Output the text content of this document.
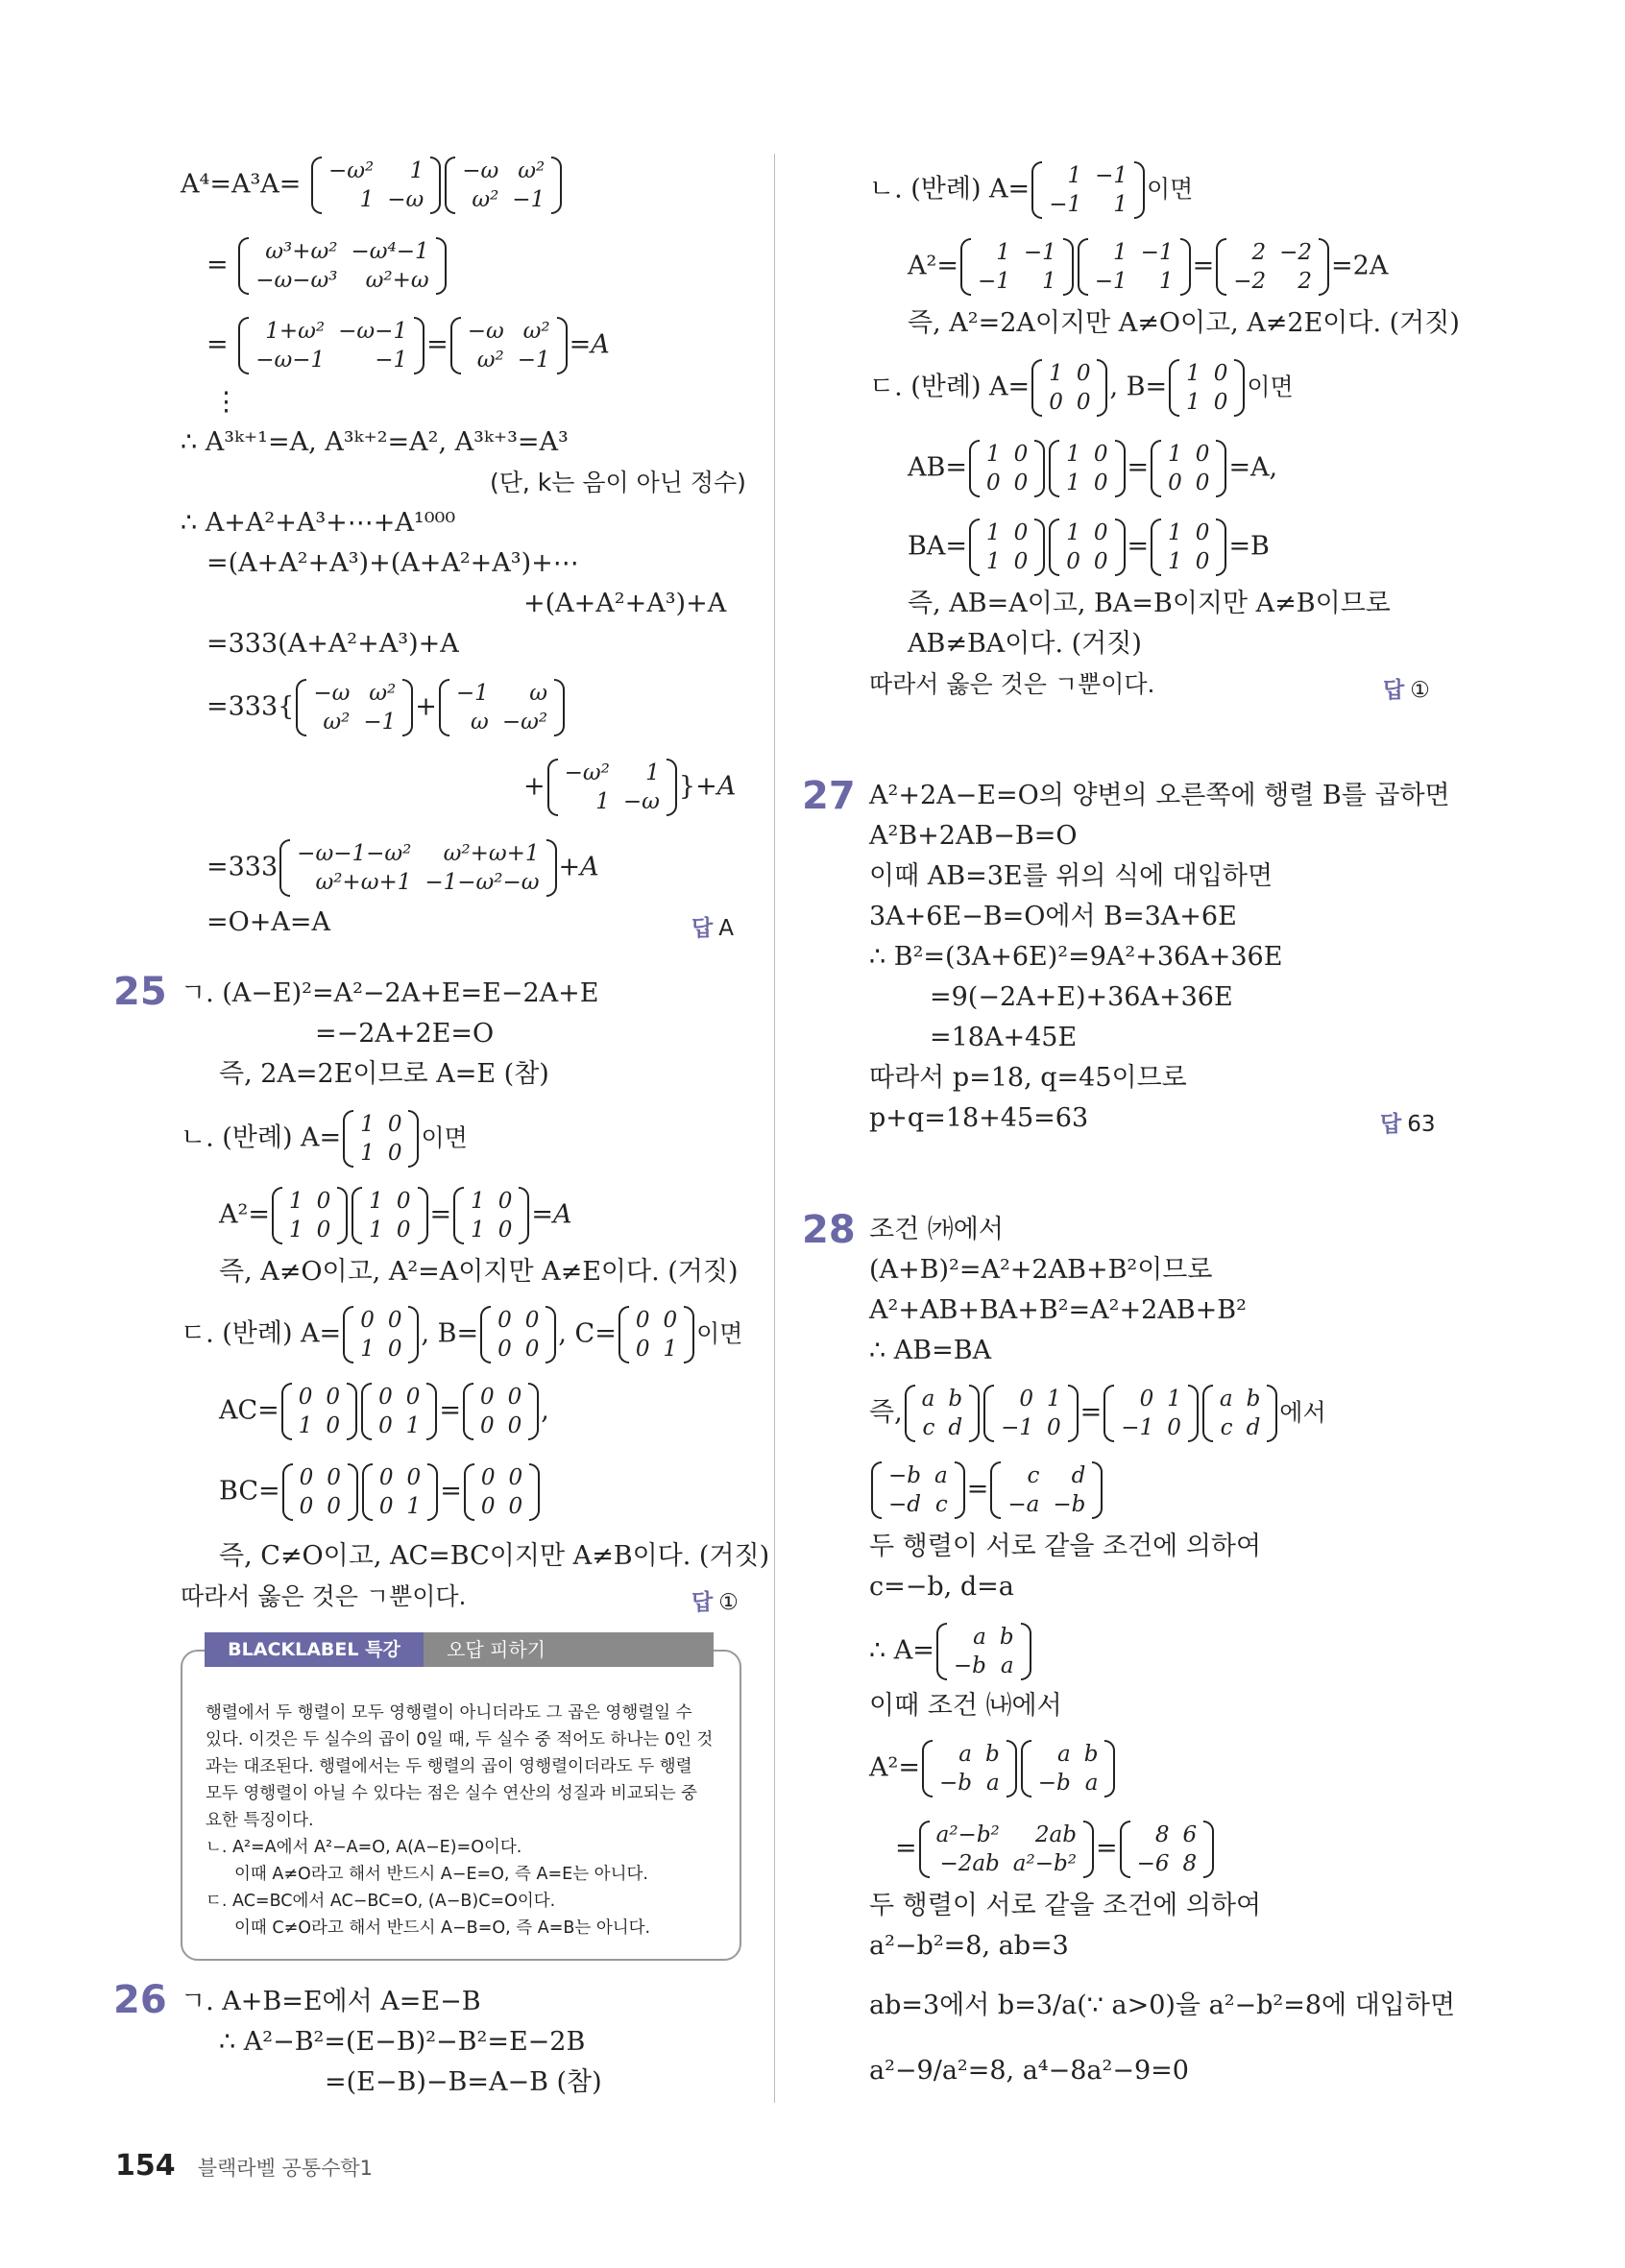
A⁴=A³A= −ω²	1
1	−ω
−ω	ω²
ω²	−1
= ω³+ω²	−ω⁴−1
−ω−ω³	ω²+ω
= 1+ω²	−ω−1
−ω−1	−1
= −ω	ω²
ω²	−1
=A
⋮
∴ A³ᵏ⁺¹=A, A³ᵏ⁺²=A², A³ᵏ⁺³=A³
(단, k는 음이 아닌 정수)
∴ A+A²+A³+⋯+A¹⁰⁰⁰
=(A+A²+A³)+(A+A²+A³)+⋯
+(A+A²+A³)+A
=333(A+A²+A³)+A
=333{ −ω	ω²
ω²	−1
+ −1	ω
ω	−ω²
+ −ω²	1
1	−ω
}+A
=333 −ω−1−ω²	ω²+ω+1
ω²+ω+1	−1−ω²−ω
+A
=O+A=A	답 A
25 ㄱ. (A−E)²=A²−2A+E=E−2A+E
=−2A+2E=O
즉, 2A=2E이므로 A=E (참)
ㄴ. (반례) A= 1	0
1	0
이면
A²= 1	0
1	0
1	0
1	0
= 1	0
1	0
=A
즉, A≠O이고, A²=A이지만 A≠E이다. (거짓)
ㄷ. (반례) A= 0	0
1	0
, B= 0	0
0	0
, C= 0	0
0	1
이면
AC= 0	0
1	0
0	0
0	1
= 0	0
0	0
,
BC= 0	0
0	0
0	0
0	1
= 0	0
0	0
즉, C≠O이고, AC=BC이지만 A≠B이다. (거짓)
따라서 옳은 것은 ㄱ뿐이다.	답 ①
BLACKLABEL 특강	오답 피하기
행렬에서 두 행렬이 모두 영행렬이 아니더라도 그 곱은 영행렬일 수
있다. 이것은 두 실수의 곱이 0일 때, 두 실수 중 적어도 하나는 0인 것
과는 대조된다. 행렬에서는 두 행렬의 곱이 영행렬이더라도 두 행렬
모두 영행렬이 아닐 수 있다는 점은 실수 연산의 성질과 비교되는 중
요한 특징이다.
ㄴ. A²=A에서 A²−A=O, A(A−E)=O이다.
이때 A≠O라고 해서 반드시 A−E=O, 즉 A=E는 아니다.
ㄷ. AC=BC에서 AC−BC=O, (A−B)C=O이다.
이때 C≠O라고 해서 반드시 A−B=O, 즉 A=B는 아니다.
26 ㄱ. A+B=E에서 A=E−B
∴ A²−B²=(E−B)²−B²=E−2B
=(E−B)−B=A−B (참)
ㄴ. (반례) A= 1	−1
−1	1
이면
A²= 1	−1
−1	1
1	−1
−1	1
= 2	−2
−2	2
=2A
즉, A²=2A이지만 A≠O이고, A≠2E이다. (거짓)
ㄷ. (반례) A= 1	0
0	0
, B= 1	0
1	0
이면
AB= 1	0
0	0
1	0
1	0
= 1	0
0	0
=A,
BA= 1	0
1	0
1	0
0	0
= 1	0
1	0
=B
즉, AB=A이고, BA=B이지만 A≠B이므로
AB≠BA이다. (거짓)
따라서 옳은 것은 ㄱ뿐이다.	답 ①
27 A²+2A−E=O의 양변의 오른쪽에 행렬 B를 곱하면
A²B+2AB−B=O
이때 AB=3E를 위의 식에 대입하면
3A+6E−B=O에서 B=3A+6E
∴ B²=(3A+6E)²=9A²+36A+36E
=9(−2A+E)+36A+36E
=18A+45E
따라서 p=18, q=45이므로
p+q=18+45=63	답 63
28 조건 ㈎에서
(A+B)²=A²+2AB+B²이므로
A²+AB+BA+B²=A²+2AB+B²
∴ AB=BA
즉, a	b
c	d
0	1
−1	0
= 0	1
−1	0
a	b
c	d
에서
−b	a
−d	c
= c	d
−a	−b
두 행렬이 서로 같을 조건에 의하여
c=−b, d=a
∴ A= a	b
−b	a
이때 조건 ㈏에서
A²= a	b
−b	a
a	b
−b	a
= a²−b²	2ab
−2ab	a²−b²
= 8	6
−6	8
두 행렬이 서로 같을 조건에 의하여
a²−b²=8, ab=3
ab=3에서 b=3/a(∵ a>0)을 a²−b²=8에 대입하면
a²−9/a²=8, a⁴−8a²−9=0
154 블랙라벨 공통수학1
